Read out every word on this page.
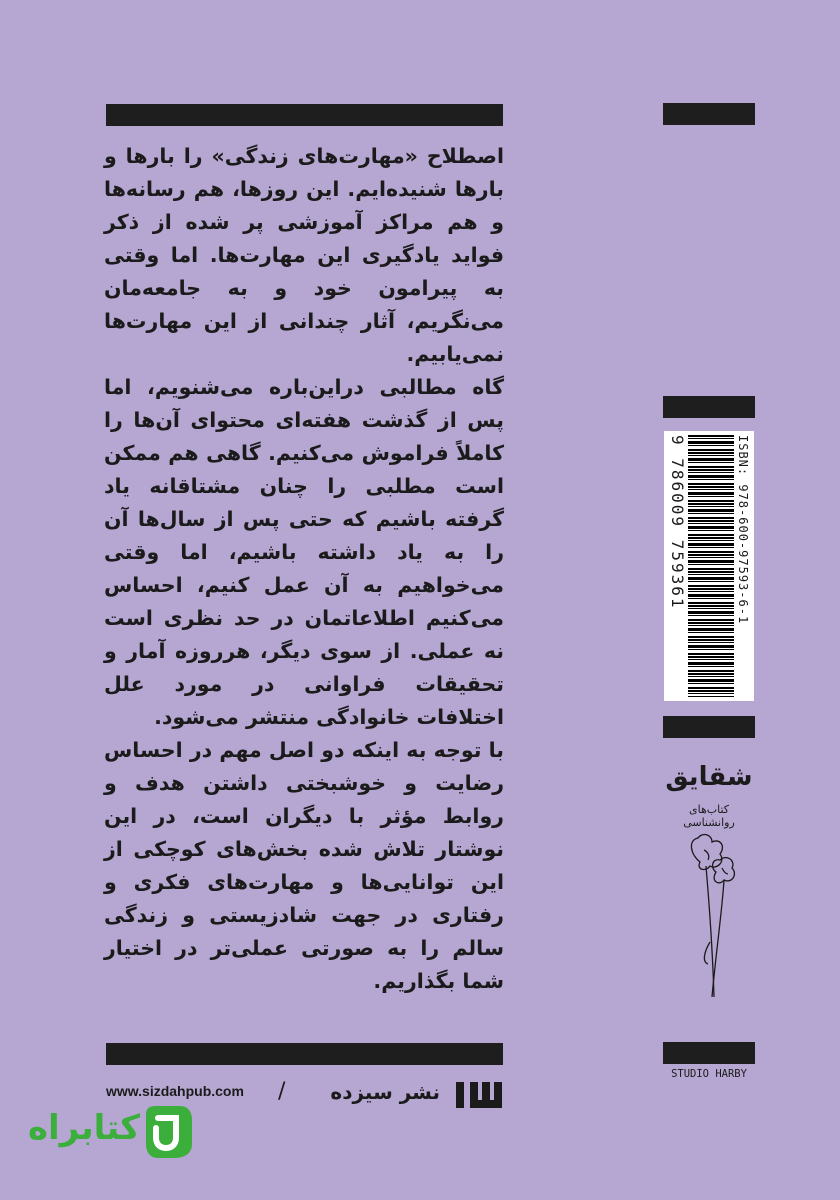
اصطلاح «مهارت‌های زندگی» را بارها و بارها شنیده‌ایم. این روزها، هم رسانه‌ها و هم مراکز آموزشی پر شده از ذکر فواید یادگیری این مهارت‌ها. اما وقتی به پیرامون خود و به جامعه‌مان می‌نگریم، آثار چندانی از این مهارت‌ها نمی‌یابیم.

گاه مطالبی دراین‌باره می‌شنویم، اما پس از گذشت هفته‌ای محتوای آن‌ها را کاملاً فراموش می‌کنیم. گاهی هم ممکن است مطلبی را چنان مشتاقانه یاد گرفته باشیم که حتی پس از سال‌ها آن را به یاد داشته باشیم، اما وقتی می‌خواهیم به آن عمل کنیم، احساس می‌کنیم اطلاعاتمان در حد نظری است نه عملی. از سوی دیگر، هرروزه آمار و تحقیقات فراوانی در مورد علل اختلافات خانوادگی منتشر می‌شود.

با توجه به اینکه دو اصل مهم در احساس رضایت و خوشبختی داشتن هدف و روابط مؤثر با دیگران است، در این نوشتار تلاش شده بخش‌های کوچکی از این توانایی‌ها و مهارت‌های فکری و رفتاری در جهت شادزیستی و زندگی سالم را به صورتی عملی‌تر در اختیار شما بگذاریم.

ISBN: 978-600-97593-6-1
9 786009 759361
شقایق
کتاب‌های روانشناسی
STUDIO HARBY
نشر سیزده
/
www.sizdahpub.com
کتابراه
